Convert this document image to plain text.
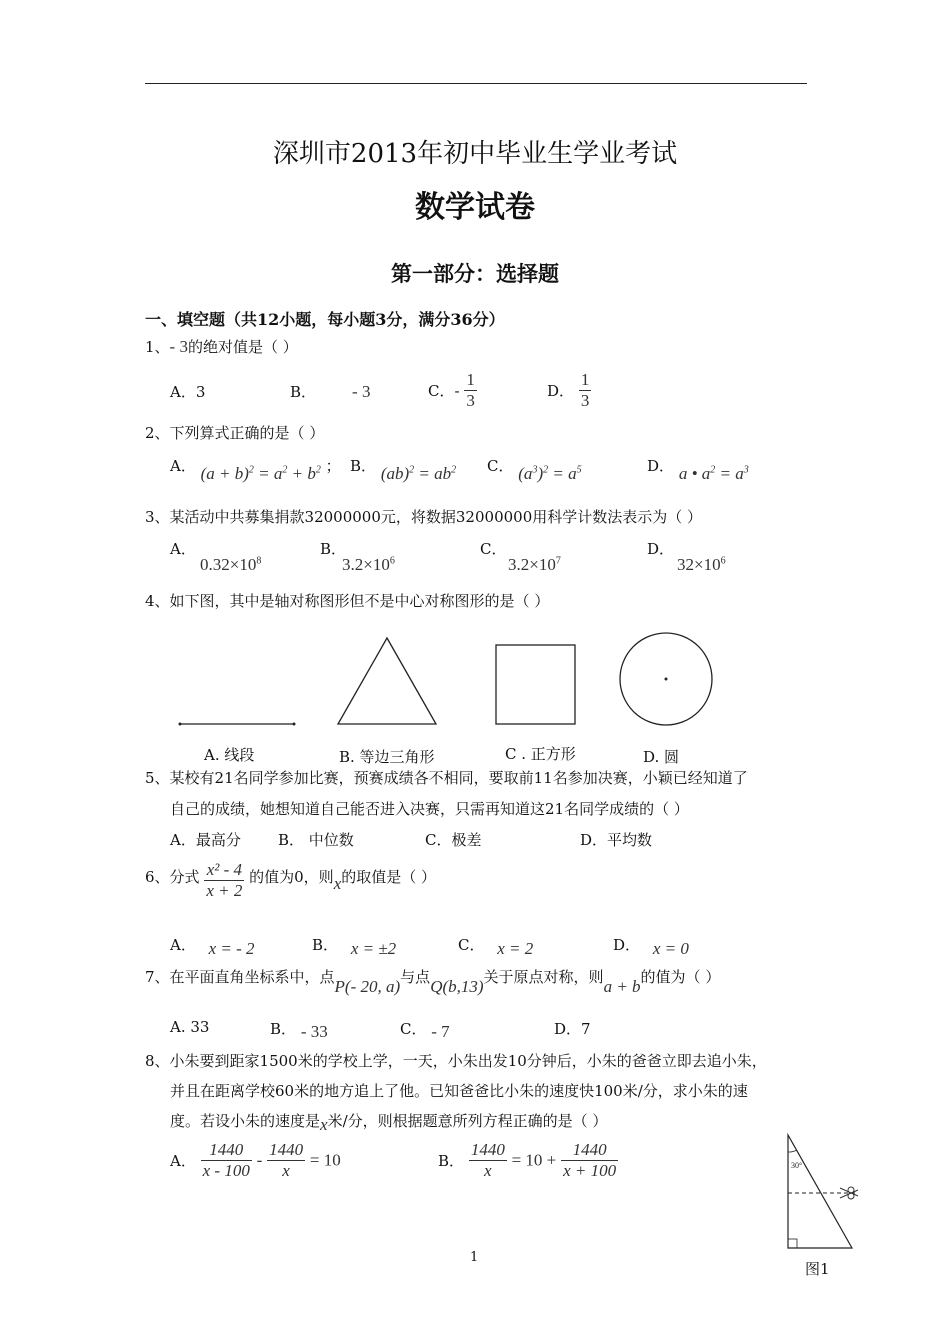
深圳市2013年初中毕业生学业考试
数学试卷
第一部分：选择题
一、填空题（共12小题，每小题3分，满分36分）
1、- 3的绝对值是（ ）
A．3	B． - 3	C．- $\frac{1}{3}$	D． $\frac{1}{3}$
2、下列算式正确的是（ ）
A． $(a + b)^2 = a^2 + b^2$ ； B． $(ab)^2 = ab^2$ C． $(a^3)^2 = a^5$	D． a • $a^2 = a^3$
3、某活动中共募集捐款32000000元，将数据32000000用科学计数法表示为（ ）
A．
$0.32\times 10^8$
B．
$3.2\times 10^6$
C．
$3.2\times 10^7$
D．
$32\times 10^6$
4、如下图，其中是轴对称图形但不是中心对称图形的是（ ）
A. 线段	B. 等边三角形	C . 正方形	D. 圆
5、某校有21名同学参加比赛，预赛成绩各不相同，要取前11名参加决赛，小颖已经知道了
自己的成绩，她想知道自己能否进入决赛，只需再知道这21名同学成绩的（ ）
A．最高分 B． 中位数	C．极差	D．平均数
6、分式 $\frac{\text{x² - 4}}{x + 2}$ 的值为0，则x的取值是（ ）
A． x = - 2	B． x = ±2	C． x = 2	D． x = 0
7、在平面直角坐标系中，点P(- 20, a)与点Q(b,13)关于原点对称，则a + b的值为（ ）
A. 33	B． - 33	C． - 7	D．7
8、小朱要到距家1500米的学校上学，一天，小朱出发10分钟后，小朱的爸爸立即去追小朱，
并且在距离学校60米的地方追上了他。已知爸爸比小朱的速度快100米/分，求小朱的速
度。若设小朱的速度是x米/分，则根据题意所列方程正确的是（ ）
A． $\frac{1440}{x - 100} - \frac{1440}{x} = 10$	B． $\frac{1440}{x} = 10 + \frac{1440}{x + 100}$	30°
图1
1
